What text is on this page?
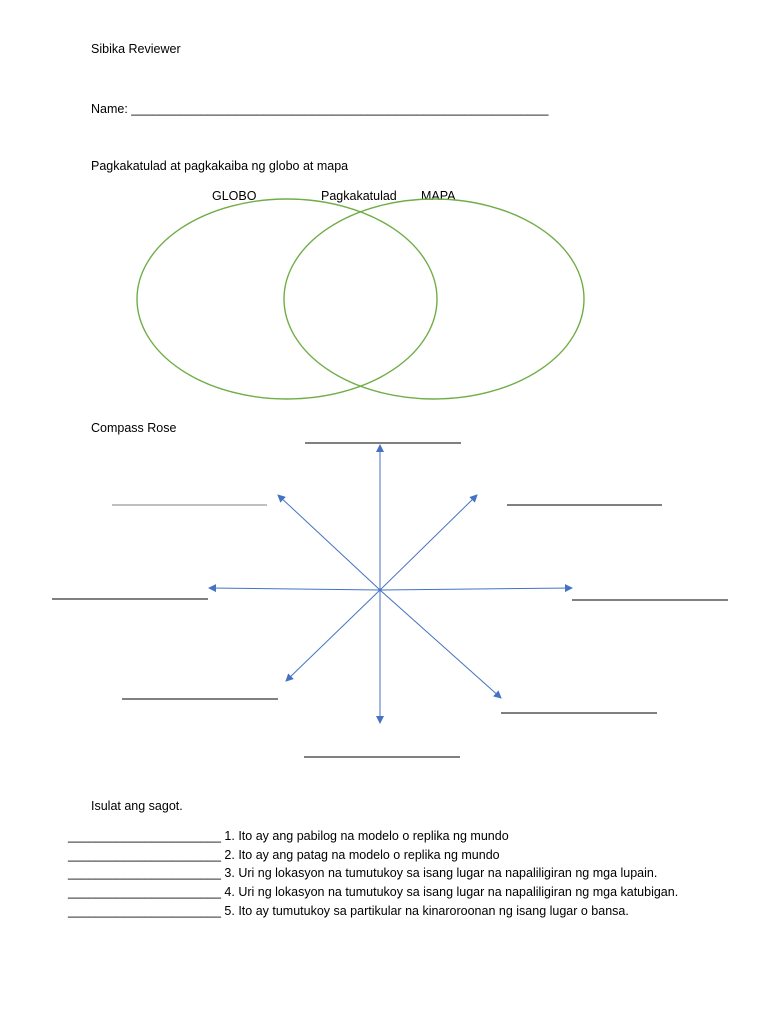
Sibika Reviewer
Name: ____________________________________________________________
Pagkakatulad at pagkakaiba ng globo at mapa
GLOBO	Pagkakatulad MAPA
Compass Rose
Isulat ang sagot.
______________________ 1. Ito ay ang pabilog na modelo o replika ng mundo
______________________ 2. Ito ay ang patag na modelo o replika ng mundo
______________________ 3. Uri ng lokasyon na tumutukoy sa isang lugar na napaliligiran ng mga lupain.
______________________ 4. Uri ng lokasyon na tumutukoy sa isang lugar na napaliligiran ng mga katubigan.
______________________ 5. Ito ay tumutukoy sa partikular na kinaroroonan ng isang lugar o bansa.
